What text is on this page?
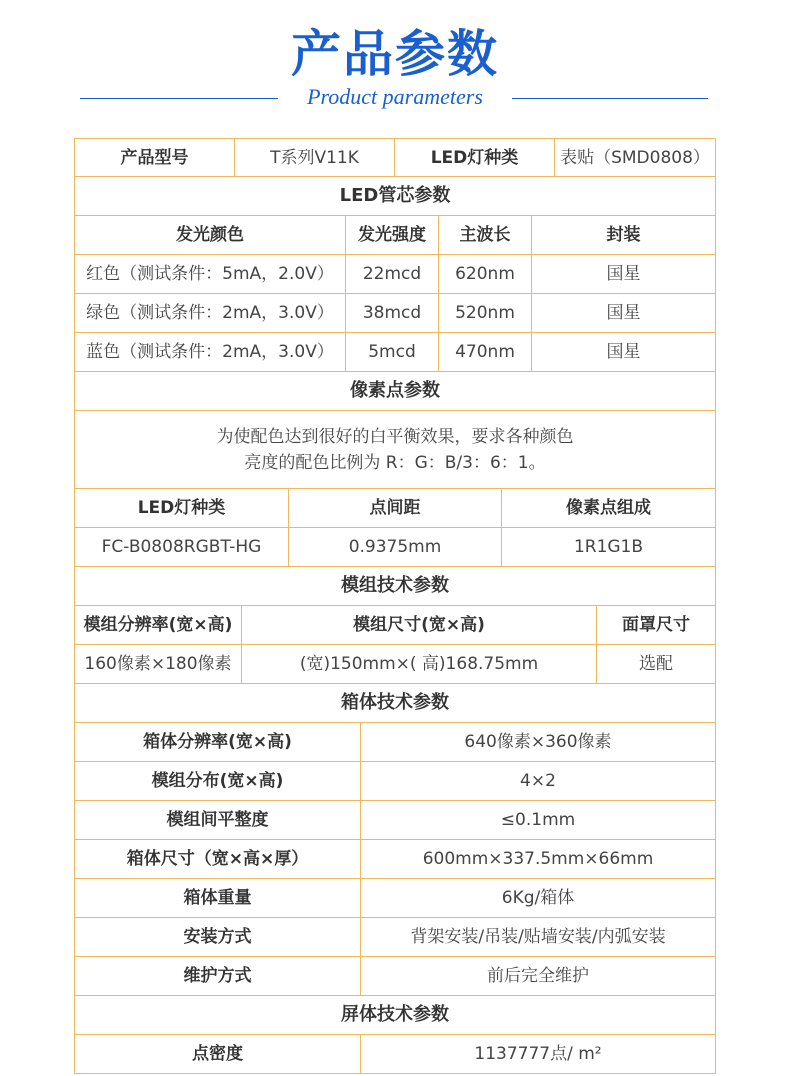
产品参数
Product parameters
产品型号	T系列V11K	LED灯种类	表贴（SMD0808）
LED管芯参数
发光颜色	发光强度	主波长	封装
红色（测试条件：5mA，2.0V）	22mcd	620nm	国星
绿色（测试条件：2mA，3.0V）	38mcd	520nm	国星
蓝色（测试条件：2mA，3.0V）	5mcd	470nm	国星
像素点参数
为使配色达到很好的白平衡效果，要求各种颜色
亮度的配色比例为 R：G：B/3：6：1。
LED灯种类	点间距	像素点组成
FC-B0808RGBT-HG	0.9375mm	1R1G1B
模组技术参数
模组分辨率(宽×高)	模组尺寸(宽×高)	面罩尺寸
160像素×180像素	(宽)150mm×( 高)168.75mm	选配
箱体技术参数
箱体分辨率(宽×高)	640像素×360像素
模组分布(宽×高)	4×2
模组间平整度	≤0.1mm
箱体尺寸（宽×高×厚）	600mm×337.5mm×66mm
箱体重量	6Kg/箱体
安装方式	背架安装/吊装/贴墙安装/内弧安装
维护方式	前后完全维护
屏体技术参数
点密度	1137777点/ m²
